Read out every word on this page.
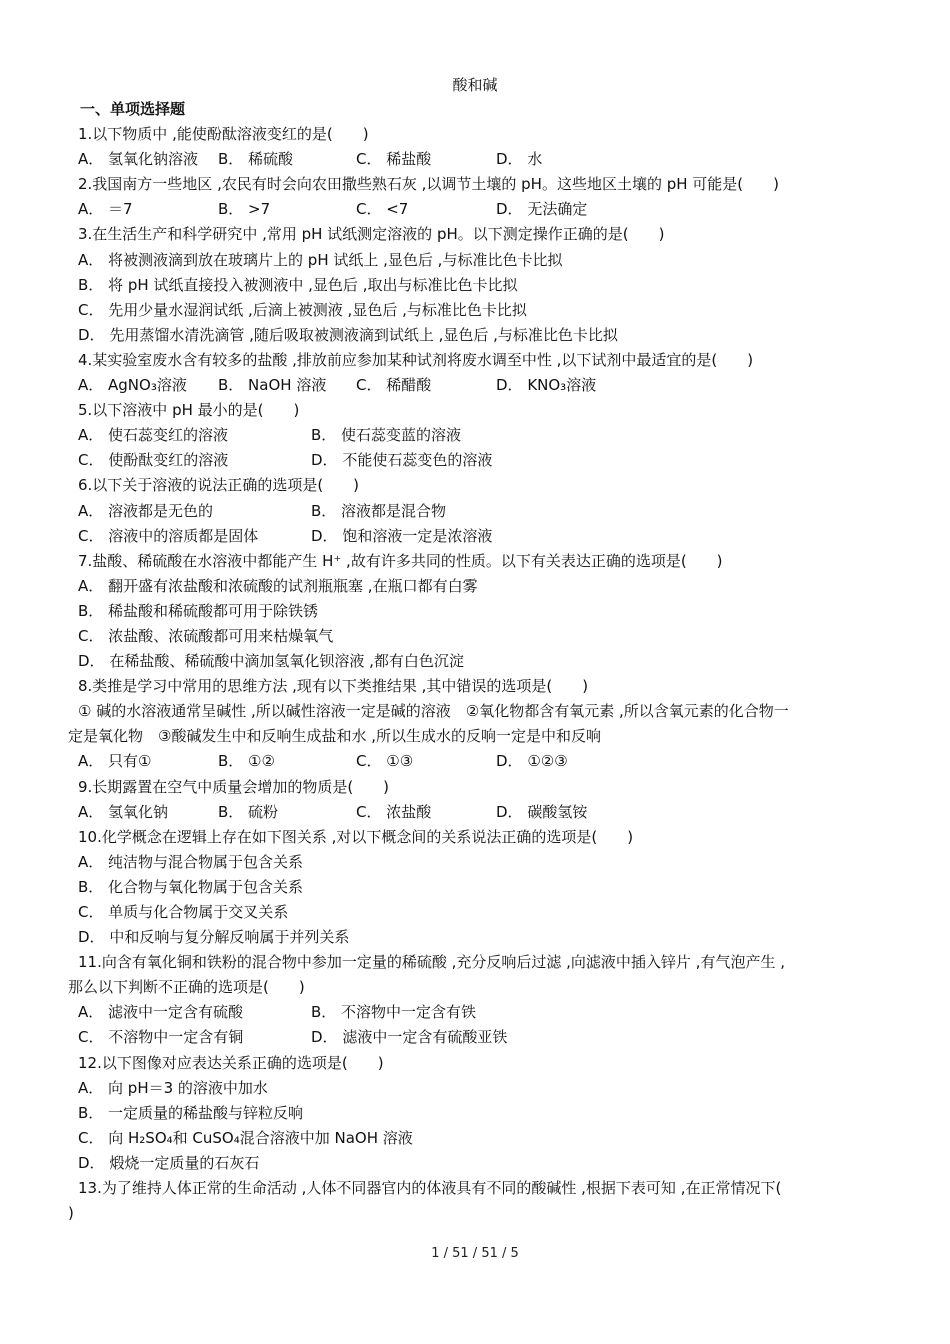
酸和碱
一、单项选择题
1.以下物质中 ,能使酚酞溶液变红的是(　　)
A． 氢氧化钠溶液 B． 稀硫酸	C． 稀盐酸	D． 水
2.我国南方一些地区 ,农民有时会向农田撒些熟石灰 ,以调节土壤的 pH。这些地区土壤的 pH 可能是(　　)
A． ＝7	B． >7	C． <7	D． 无法确定
3.在生活生产和科学研究中 ,常用 pH 试纸测定溶液的 pH。以下测定操作正确的是(　　)
A． 将被测液滴到放在玻璃片上的 pH 试纸上 ,显色后 ,与标准比色卡比拟
B． 将 pH 试纸直接投入被测液中 ,显色后 ,取出与标准比色卡比拟
C． 先用少量水湿润试纸 ,后滴上被测液 ,显色后 ,与标准比色卡比拟
D． 先用蒸馏水清洗滴管 ,随后吸取被测液滴到试纸上 ,显色后 ,与标准比色卡比拟
4.某实验室废水含有较多的盐酸 ,排放前应参加某种试剂将废水调至中性 ,以下试剂中最适宜的是(　　)
A． AgNO₃溶液 B． NaOH 溶液 C． 稀醋酸	D． KNO₃溶液
5.以下溶液中 pH 最小的是(　　)
A． 使石蕊变红的溶液	B． 使石蕊变蓝的溶液
C． 使酚酞变红的溶液	D． 不能使石蕊变色的溶液
6.以下关于溶液的说法正确的选项是(　　)
A． 溶液都是无色的	B． 溶液都是混合物
C． 溶液中的溶质都是固体	D． 饱和溶液一定是浓溶液
7.盐酸、稀硫酸在水溶液中都能产生 H⁺ ,故有许多共同的性质。以下有关表达正确的选项是(　　)
A． 翻开盛有浓盐酸和浓硫酸的试剂瓶瓶塞 ,在瓶口都有白雾
B． 稀盐酸和稀硫酸都可用于除铁锈
C． 浓盐酸、浓硫酸都可用来枯燥氧气
D． 在稀盐酸、稀硫酸中滴加氢氧化钡溶液 ,都有白色沉淀
8.类推是学习中常用的思维方法 ,现有以下类推结果 ,其中错误的选项是(　　)
① 碱的水溶液通常呈碱性 ,所以碱性溶液一定是碱的溶液　②氧化物都含有氧元素 ,所以含氧元素的化合物一
定是氧化物　③酸碱发生中和反响生成盐和水 ,所以生成水的反响一定是中和反响
A． 只有①	B． ①②	C． ①③	D． ①②③
9.长期露置在空气中质量会增加的物质是(　　)
A． 氢氧化钠	B． 硫粉	C． 浓盐酸	D． 碳酸氢铵
10.化学概念在逻辑上存在如下图关系 ,对以下概念间的关系说法正确的选项是(　　)
A． 纯洁物与混合物属于包含关系
B． 化合物与氧化物属于包含关系
C． 单质与化合物属于交叉关系
D． 中和反响与复分解反响属于并列关系
11.向含有氧化铜和铁粉的混合物中参加一定量的稀硫酸 ,充分反响后过滤 ,向滤液中插入锌片 ,有气泡产生 ,
那么以下判断不正确的选项是(　　)
A． 滤液中一定含有硫酸	B． 不溶物中一定含有铁
C． 不溶物中一定含有铜	D． 滤液中一定含有硫酸亚铁
12.以下图像对应表达关系正确的选项是(　　)
A． 向 pH＝3 的溶液中加水
B． 一定质量的稀盐酸与锌粒反响
C． 向 H₂SO₄和 CuSO₄混合溶液中加 NaOH 溶液
D． 煅烧一定质量的石灰石
13.为了维持人体正常的生命活动 ,人体不同器官内的体液具有不同的酸碱性 ,根据下表可知 ,在正常情况下(
)
1 / 51 / 51 / 5
